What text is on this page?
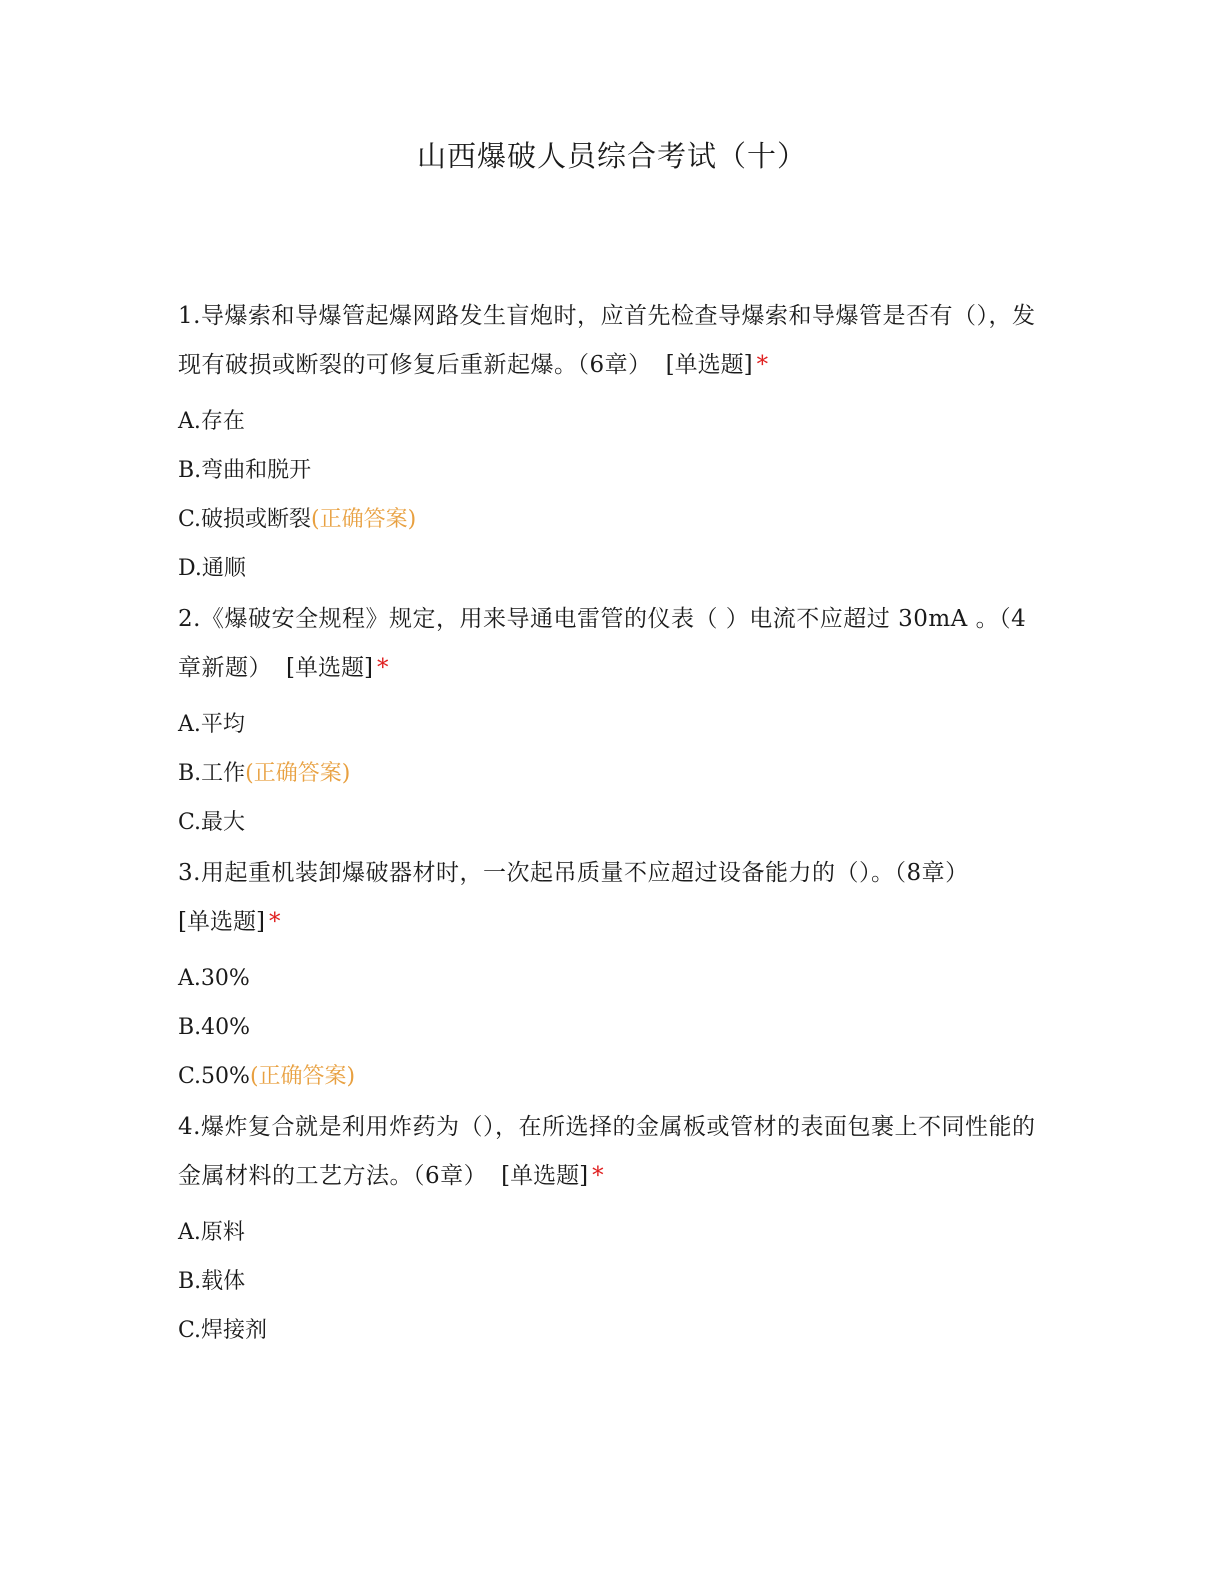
山西爆破人员综合考试（十）

1.导爆索和导爆管起爆网路发生盲炮时，应首先检查导爆索和导爆管是否有（），发现有破损或断裂的可修复后重新起爆。（6章） [单选题] *

A.存在

B.弯曲和脱开

C.破损或断裂(正确答案)

D.通顺

2.《爆破安全规程》规定，用来导通电雷管的仪表（ ）电流不应超过 30mA 。（4章新题） [单选题] *

A.平均

B.工作(正确答案)

C.最大

3.用起重机装卸爆破器材时，一次起吊质量不应超过设备能力的（）。（8章）
[单选题] *

A.30%

B.40%

C.50%(正确答案)

4.爆炸复合就是利用炸药为（），在所选择的金属板或管材的表面包裹上不同性能的金属材料的工艺方法。（6章） [单选题] *

A.原料

B.载体

C.焊接剂
